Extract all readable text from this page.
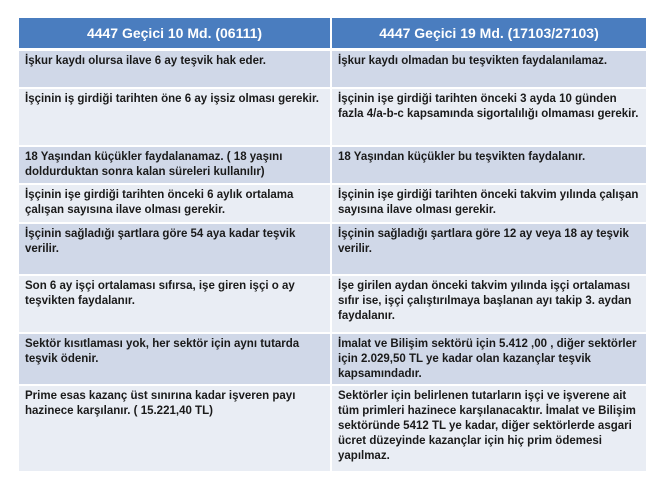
4447 Geçici 10 Md. (06111)	4447 Geçici 19 Md. (17103/27103)
İşkur kaydı olursa ilave 6 ay teşvik hak eder.	İşkur kaydı olmadan bu teşvikten faydalanılamaz.
İşçinin iş girdiği tarihten öne 6 ay işsiz olması gerekir.	İşçinin işe girdiği tarihten önceki 3 ayda 10 günden fazla 4/a-b-c kapsamında sigortalılığı olmaması gerekir.
18 Yaşından küçükler faydalanamaz. ( 18 yaşını doldurduktan sonra kalan süreleri kullanılır)	18 Yaşından küçükler bu teşvikten faydalanır.
İşçinin işe girdiği tarihten önceki 6 aylık ortalama çalışan sayısına ilave olması gerekir.	İşçinin işe girdiği tarihten önceki takvim yılında çalışan sayısına ilave olması gerekir.
İşçinin sağladığı şartlara göre 54 aya kadar teşvik verilir.	İşçinin sağladığı şartlara göre 12 ay veya 18 ay teşvik verilir.
Son 6 ay işçi ortalaması sıfırsa, işe giren işçi o ay teşvikten faydalanır.	İşe girilen aydan önceki takvim yılında işçi ortalaması sıfır ise, işçi çalıştırılmaya başlanan ayı takip 3. aydan faydalanır.
Sektör kısıtlaması yok, her sektör için aynı tutarda teşvik ödenir.	İmalat ve Bilişim sektörü için 5.412 ,00 , diğer sektörler için 2.029,50 TL ye kadar olan kazançlar teşvik kapsamındadır.
Prime esas kazanç üst sınırına kadar işveren payı hazinece karşılanır. ( 15.221,40 TL)	Sektörler için belirlenen tutarların işçi ve işverene ait tüm primleri hazinece karşılanacaktır. İmalat ve Bilişim sektöründe 5412 TL ye kadar, diğer sektörlerde asgari ücret düzeyinde kazançlar için hiç prim ödemesi yapılmaz.
